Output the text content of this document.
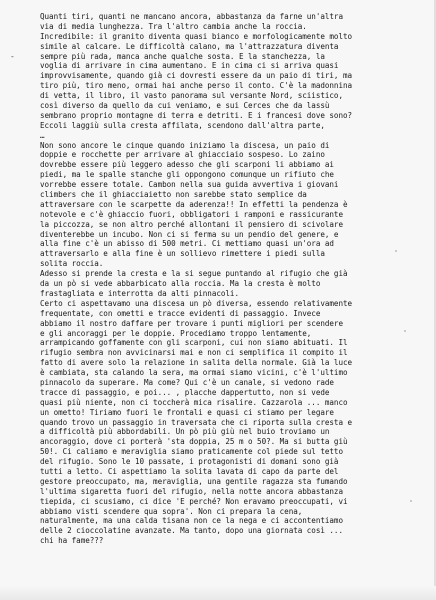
-
Quanti tiri, quanti ne mancano ancora, abbastanza da farne un'altra
via di media lunghezza. Tra l'altro cambia anche la roccia.
Incredibile: il granito diventa quasi bianco e morfologicamente molto
simile al calcare. Le difficoltà calano, ma l'attrazzatura diventa
sempre più rada, manca anche qualche sosta. E la stanchezza, la
voglia di arrivare in cima aumentano. E in cima ci si arriva quasi
improvvisamente, quando già ci dovresti essere da un paio di tiri, ma
tiro più, tiro meno, ormai hai anche perso il conto. C'è la madonnina
di vetta, il libro, il vasto panorama sul versante Nord, sciistico,
così diverso da quello da cui veniamo, e sui Cerces che da lassù
sembrano proprio montagne di terra e detriti. E i francesi dove sono?
Eccoli laggiù sulla cresta affilata, scendono dall'altra parte,
…
Non sono ancore le cinque quando iniziamo la discesa, un paio di
doppie e rocchette per arrivare al ghiacciaio sospeso. Lo zaino
dovrebbe essere più leggero adesso che gli scarponi li abbiamo ai
piedi, ma le spalle stanche gli oppongono comunque un rifiuto che
vorrebbe essere totale. Cambon nella sua guida avvertiva i giovani
climbers che il ghiacciaietto non sarebbe stato semplice da
attraversare con le scarpette da aderenza!! In effetti la pendenza è
notevole e c'è ghiaccio fuori, obbligatori i ramponi e rassicurante
la piccozza, se non altro perché allontani il pensiero di scivolare
diventerebbe un incubo. Non ci si ferma su un pendio del genere, e
alla fine c'è un abisso di 500 metri. Ci mettiamo quasi un'ora ad
attraversarlo e alla fine è un sollievo rimettere i piedi sulla
solita roccia.
Adesso si prende la cresta e la si segue puntando al rifugio che già
da un pò si vede abbarbicato alla roccia. Ma la cresta è molto
frastagliata e interrotta da alti pinnacoli.
Certo ci aspettavamo una discesa un pò diversa, essendo relativamente
frequentate, con ometti e tracce evidenti di passaggio. Invece
abbiamo il nostro daffare per trovare i punti migliori per scendere
e gli ancoraggi per le doppie. Procediamo troppo lentamente,
arrampicando goffamente con gli scarponi, cui non siamo abituati. Il
rifugio sembra non avvicinarsi mai e non ci semplifica il compito il
fatto di avere solo la relazione in salita della normale. Già la luce
è cambiata, sta calando la sera, ma ormai siamo vicini, c'è l'ultimo
pinnacolo da superare. Ma come? Qui c'è un canale, si vedono rade
tracce di passaggio, e poi... , placche dappertutto, non si vede
quasi più niente, non ci toccherà mica risalire. Cazzarola ... manco
un ometto! Tiriamo fuori le frontali e quasi ci stiamo per legare
quando trovo un passaggio in traversata che ci riporta sulla cresta e
a difficoltà più abbordabili. Un pò più giù nel buio troviamo un
ancoraggio, dove ci porterà 'sta doppia, 25 m o 50?. Ma si butta giù
50!. Ci caliamo e meraviglia siamo praticamente col piede sul tetto
del rifugio. Sono le 10 passate, i protagonisti di domani sono già
tutti a letto. Ci aspettiamo la solita lavata di capo da parte del
gestore preoccupato, ma, meraviglia, una gentile ragazza sta fumando
l'ultima sigaretta fuori del rifugio, nella notte ancora abbastanza
tiepida, ci scusiamo, ci dice 'E perché? Non eravamo preoccupati, vi
abbiamo visti scendere qua sopra'. Non ci prepara la cena,
naturalmente, ma una calda tisana non ce la nega e ci accontentiamo
delle 2 cioccolatine avanzate. Ma tanto, dopo una giornata così ...
chi ha fame???
